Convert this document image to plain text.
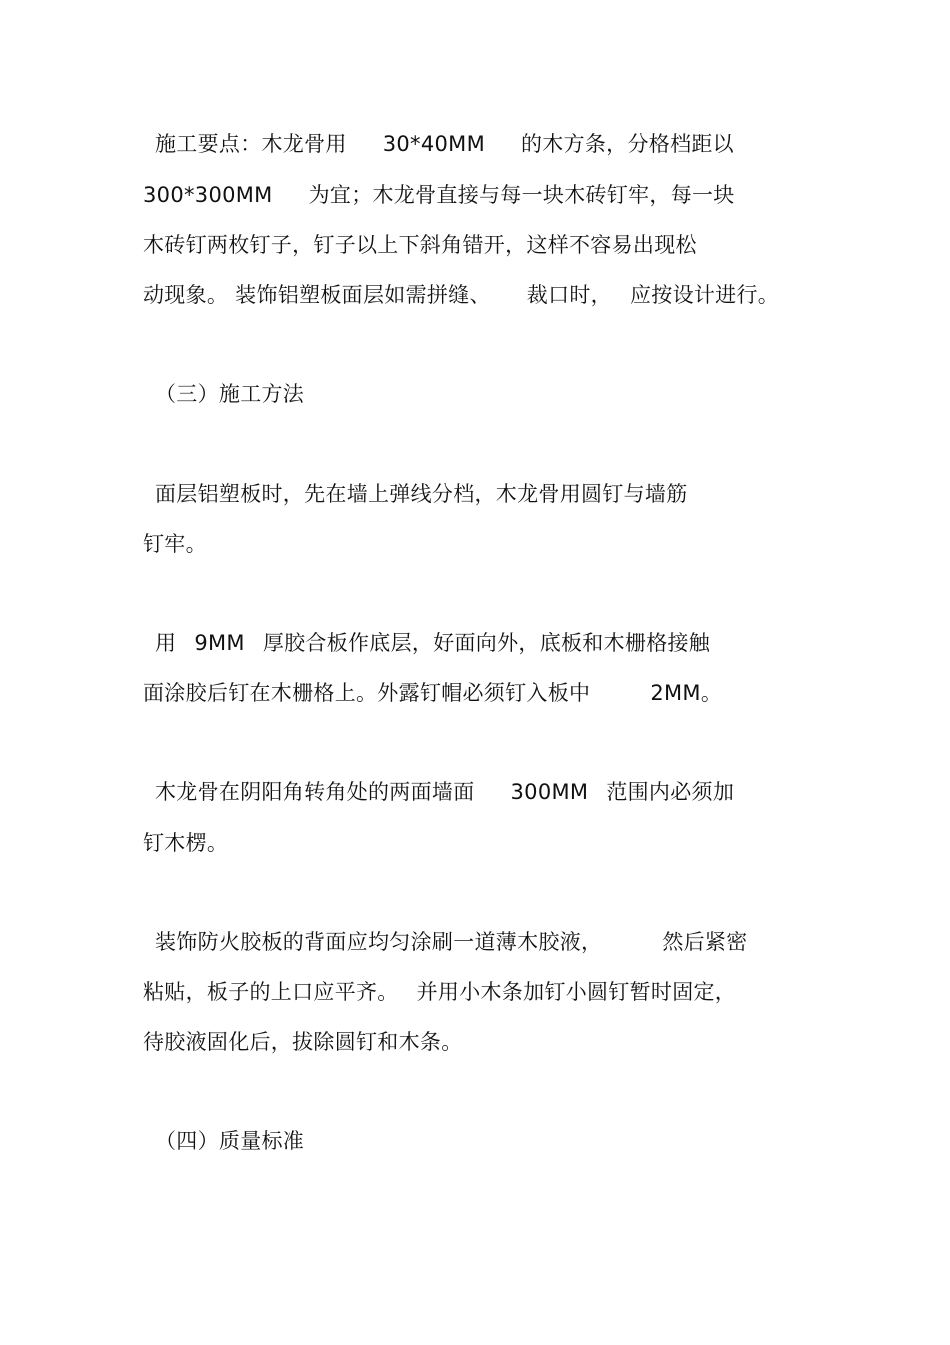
施工要点：木龙骨用 30*40MM 的木方条，分格档距以
300*300MM 为宜；木龙骨直接与每一块木砖钉牢，每一块
木砖钉两枚钉子，钉子以上下斜角错开，这样不容易出现松
动现象。 装饰铝塑板面层如需拼缝、 裁口时， 应按设计进行。
（三）施工方法
面层铝塑板时，先在墙上弹线分档，木龙骨用圆钉与墙筋
钉牢。
用 9MM 厚胶合板作底层，好面向外，底板和木栅格接触
面涂胶后钉在木栅格上。外露钉帽必须钉入板中	2MM。
木龙骨在阴阳角转角处的两面墙面 300MM 范围内必须加
钉木楞。
装饰防火胶板的背面应均匀涂刷一道薄木胶液，	然后紧密
粘贴，板子的上口应平齐。 并用小木条加钉小圆钉暂时固定，
待胶液固化后，拔除圆钉和木条。
（四）质量标准
